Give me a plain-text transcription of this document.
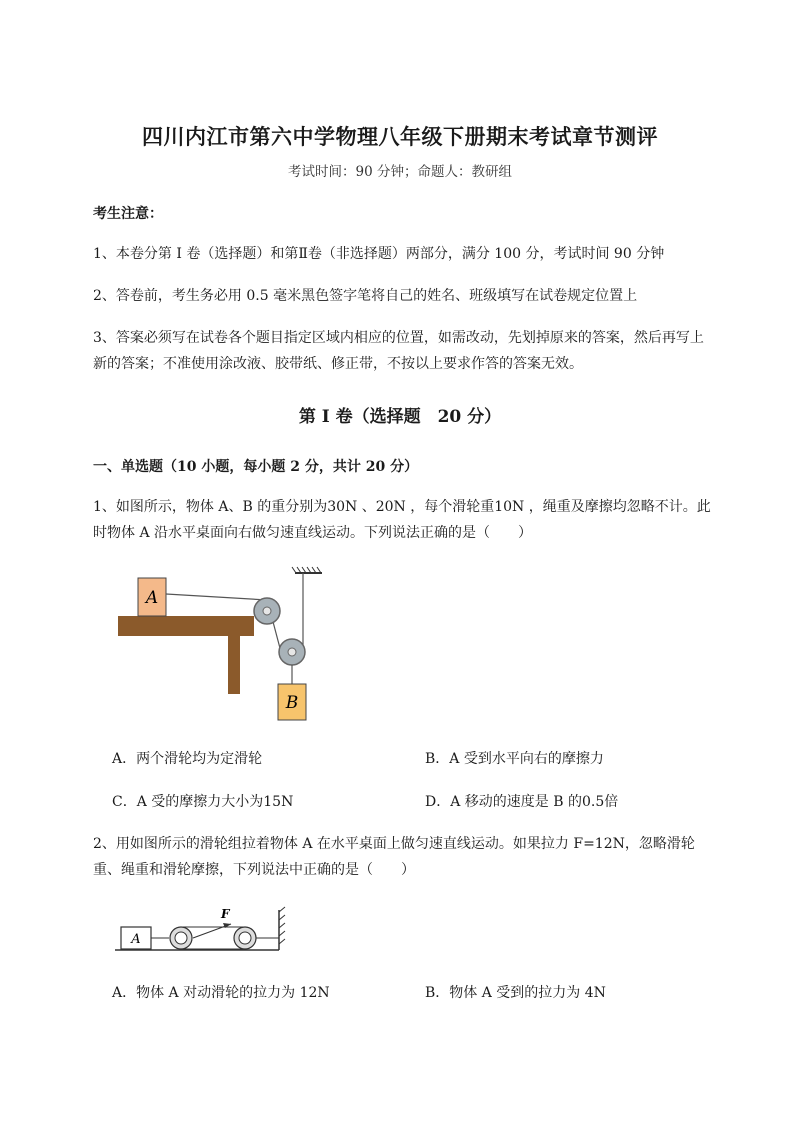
四川内江市第六中学物理八年级下册期末考试章节测评
考试时间：90 分钟；命题人：教研组
考生注意：
1、本卷分第 I 卷（选择题）和第Ⅱ卷（非选择题）两部分，满分 100 分，考试时间 90 分钟
2、答卷前，考生务必用 0.5 毫米黑色签字笔将自己的姓名、班级填写在试卷规定位置上
3、答案必须写在试卷各个题目指定区域内相应的位置，如需改动，先划掉原来的答案，然后再写上新的答案；不准使用涂改液、胶带纸、修正带，不按以上要求作答的答案无效。
第 I 卷（选择题　20 分）
一、单选题（10 小题，每小题 2 分，共计 20 分）
1、如图所示，物体 A、B 的重分别为30N 、20N ，每个滑轮重10N ，绳重及摩擦均忽略不计。此时物体 A 沿水平桌面向右做匀速直线运动。下列说法正确的是（　　）
A
B
A．两个滑轮均为定滑轮	B．A 受到水平向右的摩擦力
C．A 受的摩擦力大小为15N	D．A 移动的速度是 B 的0.5倍
2、用如图所示的滑轮组拉着物体 A 在水平桌面上做匀速直线运动。如果拉力 F=12N，忽略滑轮重、绳重和滑轮摩擦，下列说法中正确的是（　　）
A
F
A．物体 A 对动滑轮的拉力为 12N	B．物体 A 受到的拉力为 4N
